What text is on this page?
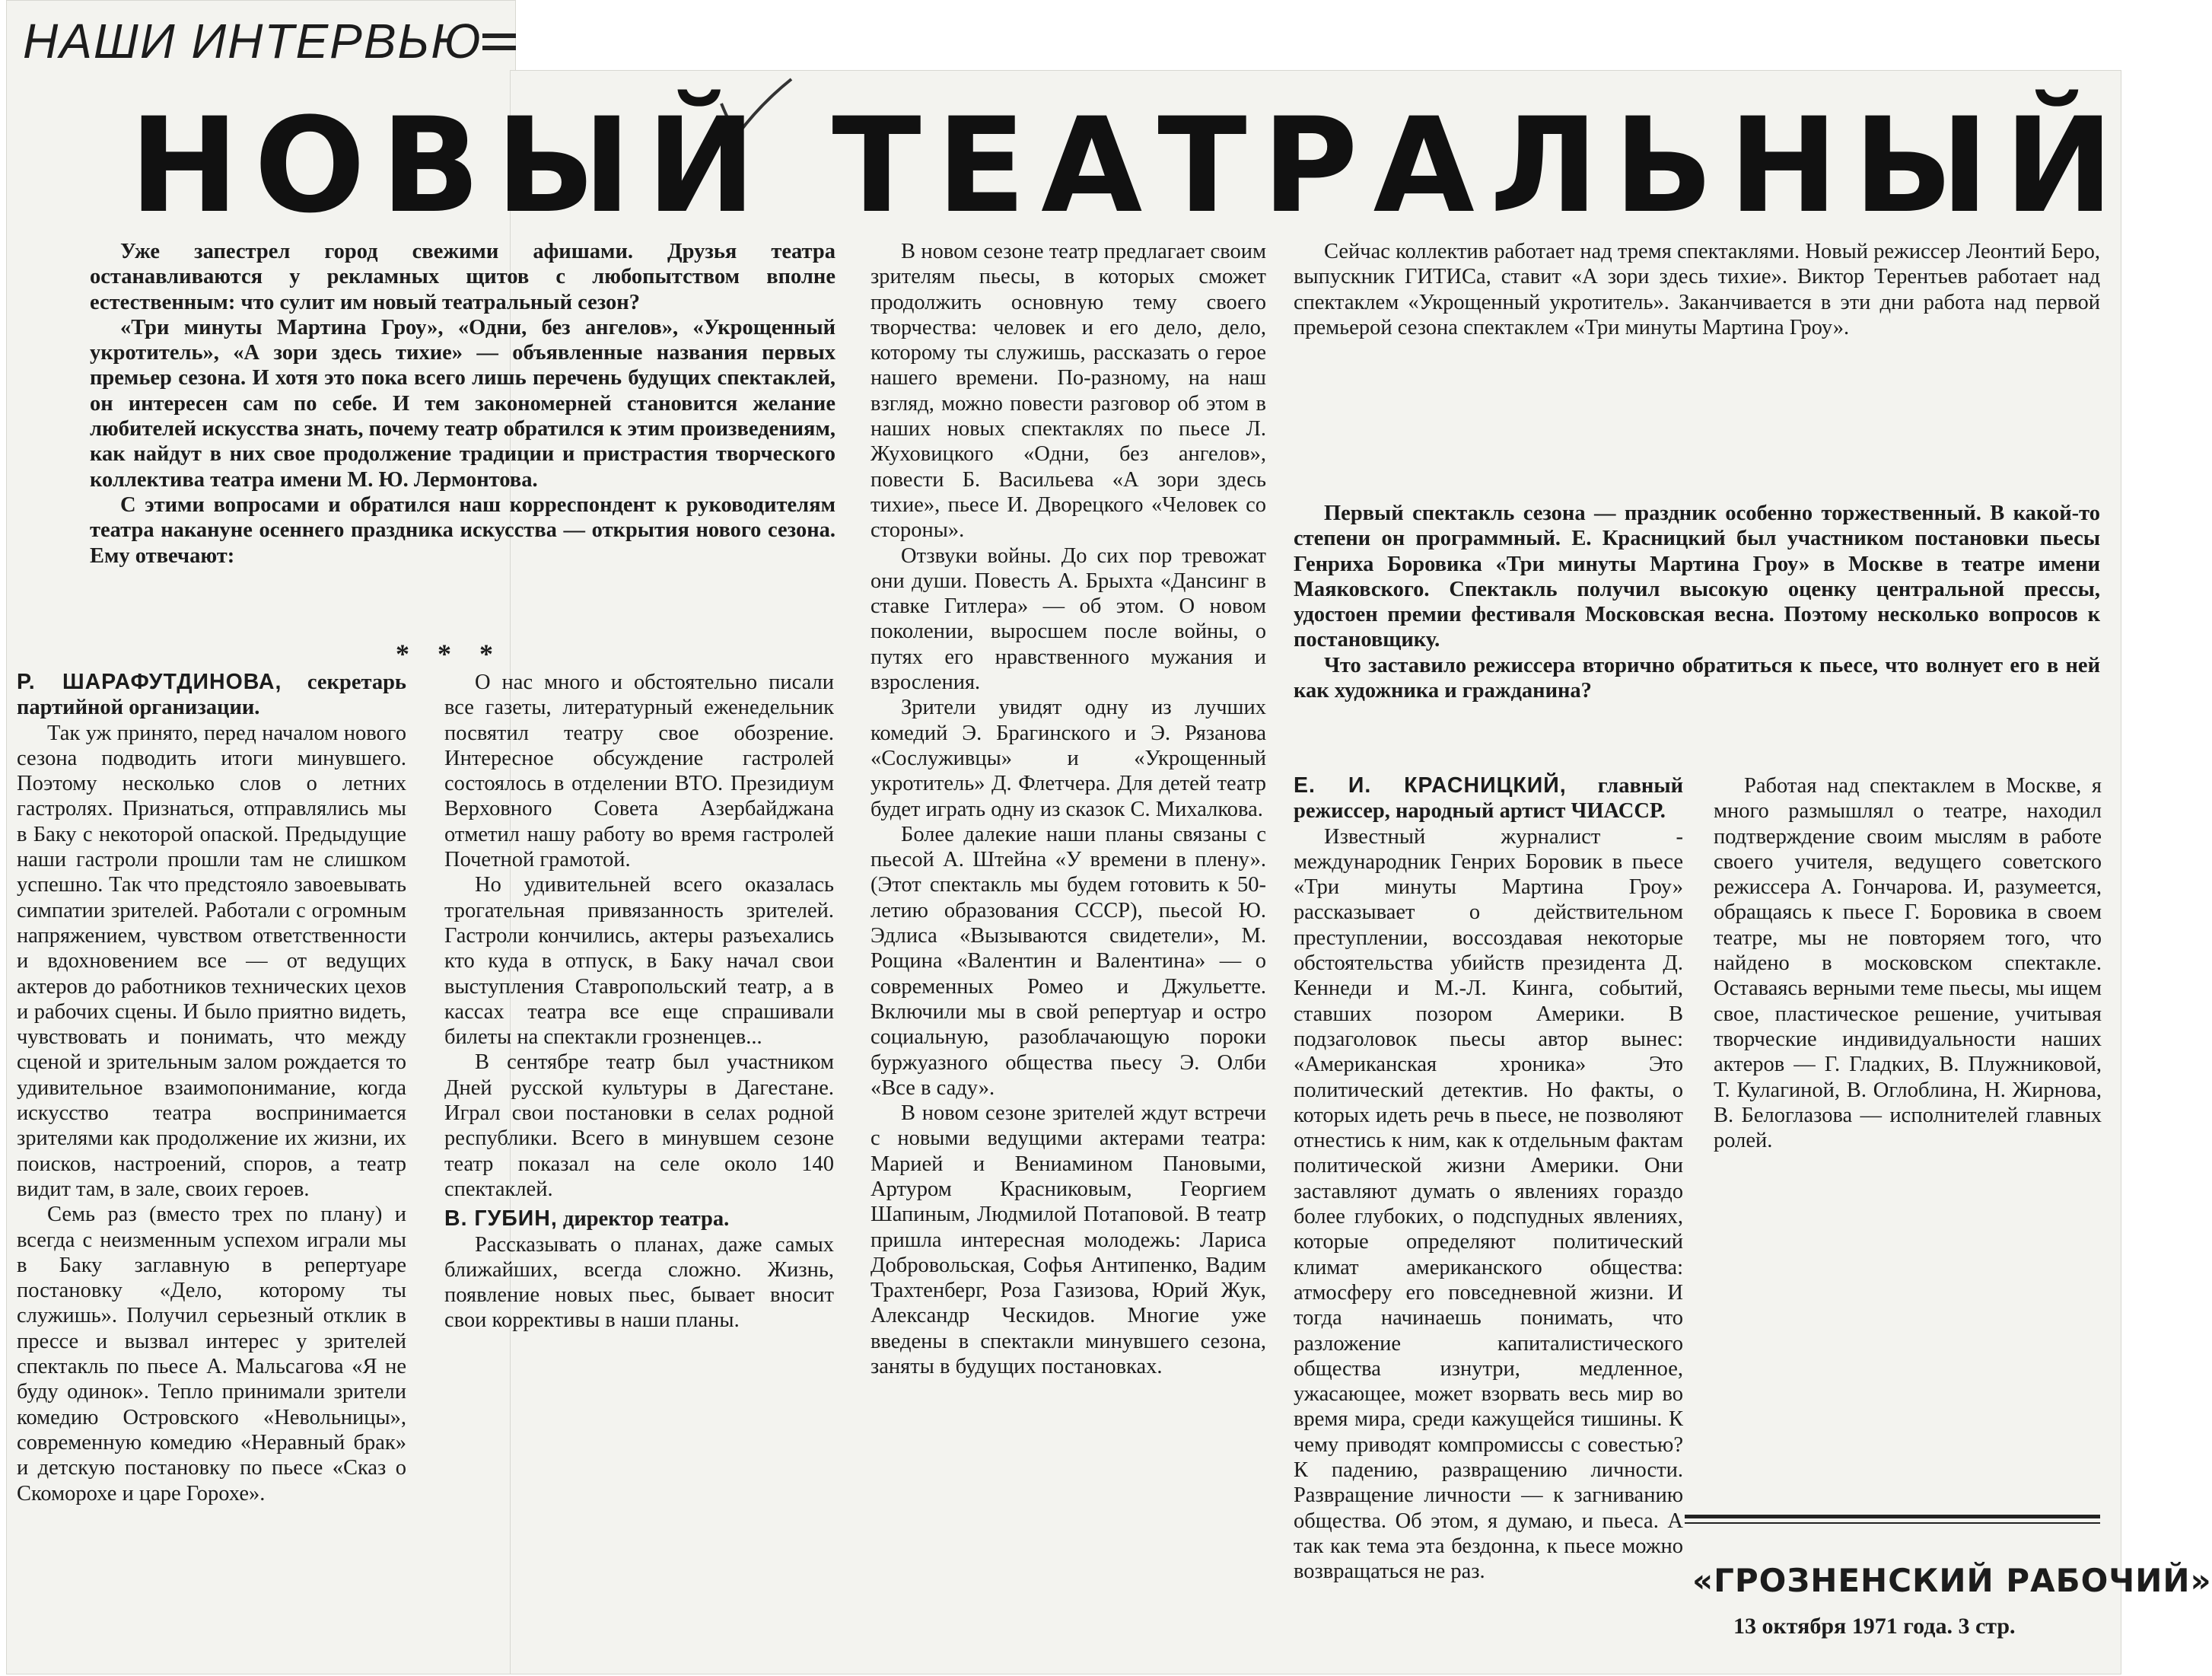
НАШИ ИНТЕРВЬЮ
НОВЫЙ ТЕАТРАЛЬНЫЙ

Уже запестрел город свежими афишами. Друзья театра останавливаются у рекламных щитов с любопытством вполне естественным: что сулит им новый театральный сезон?

«Три минуты Мартина Гроу», «Одни, без ангелов», «Укрощенный укротитель», «А зори здесь тихие» — объявленные названия первых премьер сезона. И хотя это пока всего лишь перечень будущих спектаклей, он интересен сам по себе. И тем закономерней становится желание любителей искусства знать, почему театр обратился к этим произведениям, как найдут в них свое продолжение традиции и пристрастия творческого коллектива театра имени М. Ю. Лермонтова.

С этими вопросами и обратился наш корреспондент к руководителям театра накануне осеннего праздника искусства — открытия нового сезона. Ему отвечают:

* * *

Р. ШАРАФУТДИНОВА, секретарь партийной организации.

Так уж принято, перед началом нового сезона подводить итоги минувшего. Поэтому несколько слов о летних гастролях. Признаться, отправлялись мы в Баку с некоторой опаской. Предыдущие наши гастроли прошли там не слишком успешно. Так что предстояло завоевывать симпатии зрителей. Работали с огромным напряжением, чувством ответственности и вдохновением все — от ведущих актеров до работников технических цехов и рабочих сцены. И было приятно видеть, чувствовать и понимать, что между сценой и зрительным залом рождается то удивительное взаимопонимание, когда искусство театра воспринимается зрителями как продолжение их жизни, их поисков, настроений, споров, а театр видит там, в зале, своих героев.

Семь раз (вместо трех по плану) и всегда с неизменным успехом играли мы в Баку заглавную в репертуаре постановку «Дело, которому ты служишь». Получил серьезный отклик в прессе и вызвал интерес у зрителей спектакль по пьесе А. Мальсагова «Я не буду одинок». Тепло принимали зрители комедию Островского «Невольницы», современную комедию «Неравный брак» и детскую постановку по пьесе «Сказ о Скоморохе и царе Горохе».

О нас много и обстоятельно писали все газеты, литературный еженедельник посвятил театру свое обозрение. Интересное обсуждение гастролей состоялось в отделении ВТО. Президиум Верховного Совета Азербайджана отметил нашу работу во время гастролей Почетной грамотой.

Но удивительней всего оказалась трогательная привязанность зрителей. Гастроли кончились, актеры разъехались кто куда в отпуск, в Баку начал свои выступления Ставропольский театр, а в кассах театра все еще спрашивали билеты на спектакли грозненцев...

В сентябре театр был участником Дней русской культуры в Дагестане. Играл свои постановки в селах родной республики. Всего в минувшем сезоне театр показал на селе около 140 спектаклей.

В. ГУБИН, директор театра.

Рассказывать о планах, даже самых ближайших, всегда сложно. Жизнь, появление новых пьес, бывает вносит свои коррективы в наши планы.

В новом сезоне театр предлагает своим зрителям пьесы, в которых сможет продолжить основную тему своего творчества: человек и его дело, дело, которому ты служишь, рассказать о герое нашего времени. По-разному, на наш взгляд, можно повести разговор об этом в наших новых спектаклях по пьесе Л. Жуховицкого «Одни, без ангелов», повести Б. Васильева «А зори здесь тихие», пьесе И. Дворецкого «Человек со стороны».

Отзвуки войны. До сих пор тревожат они души. Повесть А. Брыхта «Дансинг в ставке Гитлера» — об этом. О новом поколении, выросшем после войны, о путях его нравственного мужания и взросления.

Зрители увидят одну из лучших комедий Э. Брагинского и Э. Рязанова «Сослуживцы» и «Укрощенный укротитель» Д. Флетчера. Для детей театр будет играть одну из сказок С. Михалкова.

Более далекие наши планы связаны с пьесой А. Штейна «У времени в плену». (Этот спектакль мы будем готовить к 50-летию образования СССР), пьесой Ю. Эдлиса «Вызываются свидетели», М. Рощина «Валентин и Валентина» — о современных Ромео и Джульетте. Включили мы в свой репертуар и остро социальную, разоблачающую пороки буржуазного общества пьесу Э. Олби «Все в саду».

В новом сезоне зрителей ждут встречи с новыми ведущими актерами театра: Марией и Вениамином Пановыми, Артуром Красниковым, Георгием Шапиным, Людмилой Потаповой. В театр пришла интересная молодежь: Лариса Добровольская, Софья Антипенко, Вадим Трахтенберг, Роза Газизова, Юрий Жук, Александр Ческидов. Многие уже введены в спектакли минувшего сезона, заняты в будущих постановках.

Сейчас коллектив работает над тремя спектаклями. Новый режиссер Леонтий Беро, выпускник ГИТИСа, ставит «А зори здесь тихие». Виктор Терентьев работает над спектаклем «Укрощенный укротитель». Заканчивается в эти дни работа над первой премьерой сезона спектаклем «Три минуты Мартина Гроу».

Первый спектакль сезона — праздник особенно торжественный. В какой-то степени он программный. Е. Красницкий был участником постановки пьесы Генриха Боровика «Три минуты Мартина Гроу» в Москве в театре имени Маяковского. Спектакль получил высокую оценку центральной прессы, удостоен премии фестиваля Московская весна. Поэтому несколько вопросов к постановщику.

Что заставило режиссера вторично обратиться к пьесе, что волнует его в ней как художника и гражданина?

Е. И. КРАСНИЦКИЙ, главный режиссер, народный артист ЧИАССР.

Известный журналист - международник Генрих Боровик в пьесе «Три минуты Мартина Гроу» рассказывает о действительном преступлении, воссоздавая некоторые обстоятельства убийств президента Д. Кеннеди и М.-Л. Кинга, событий, ставших позором Америки. В подзаголовок пьесы автор вынес: «Американская хроника» Это политический детектив. Но факты, о которых идеть речь в пьесе, не позволяют отнестись к ним, как к отдельным фактам политической жизни Америки. Они заставляют думать о явлениях гораздо более глубоких, о подспудных явлениях, которые определяют политический климат американского общества: атмосферу его повседневной жизни. И тогда начинаешь понимать, что разложение капиталистического общества изнутри, медленное, ужасающее, может взорвать весь мир во время мира, среди кажущейся тишины. К чему приводят компромиссы с совестью? К падению, развращению личности. Развращение личности — к загниванию общества. Об этом, я думаю, и пьеса. А так как тема эта бездонна, к пьесе можно возвращаться не раз.

Работая над спектаклем в Москве, я много размышлял о театре, находил подтверждение своим мыслям в работе своего учителя, ведущего советского режиссера А. Гончарова. И, разумеется, обращаясь к пьесе Г. Боровика в своем театре, мы не повторяем того, что найдено в московском спектакле. Оставаясь верными теме пьесы, мы ищем свое, пластическое решение, учитывая творческие индивидуальности наших актеров — Г. Гладких, В. Плужниковой, Т. Кулагиной, В. Оглоблина, Н. Жирнова, В. Белоглазова — исполнителей главных ролей.

«ГРОЗНЕНСКИЙ РАБОЧИЙ»
13 октября 1971 года. 3 стр.
